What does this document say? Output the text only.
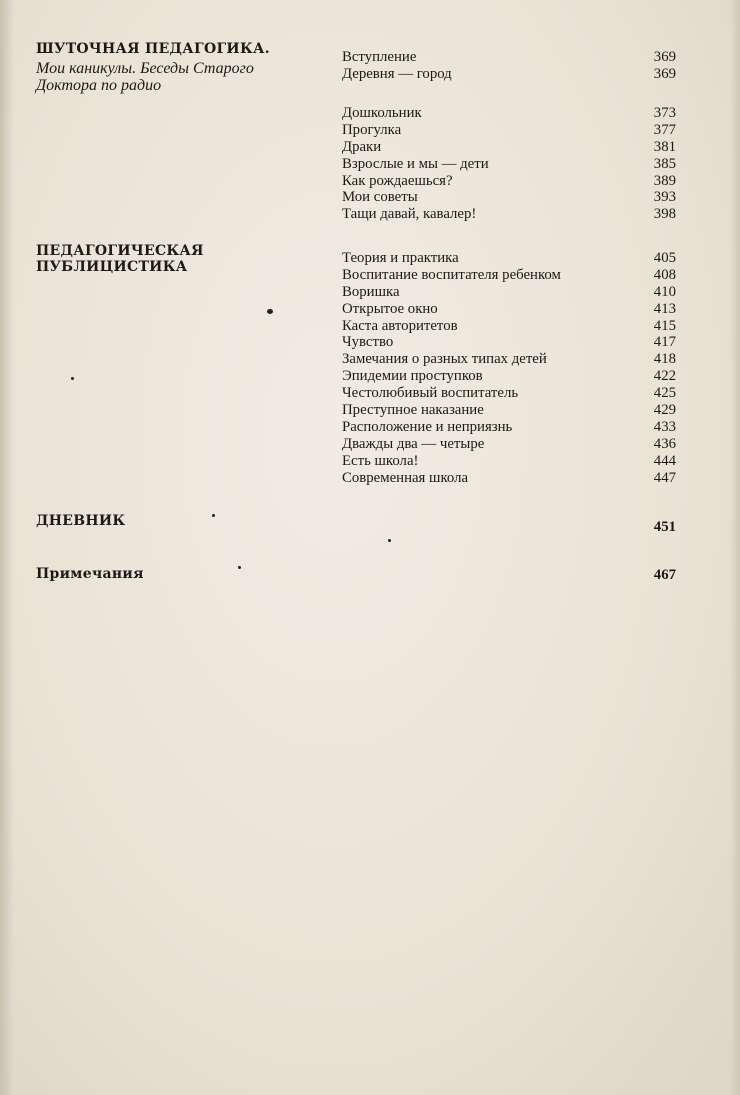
ШУТОЧНАЯ ПЕДАГОГИКА.
Мои каникулы. Беседы Старого
Доктора по радио
Вступление	369
Деревня — город	369
Дошкольник	373
Прогулка	377
Драки	381
Взрослые и мы — дети	385
Как рождаешься?	389
Мои советы	393
Тащи давай, кавалер!	398
ПЕДАГОГИЧЕСКАЯ
ПУБЛИЦИСТИКА
Теория и практика	405
Воспитание воспитателя ребенком	408
Воришка	410
Открытое окно	413
Каста авторитетов	415
Чувство	417
Замечания о разных типах детей	418
Эпидемии проступков	422
Честолюбивый воспитатель	425
Преступное наказание	429
Расположение и неприязнь	433
Дважды два — четыре	436
Есть школа!	444
Современная школа	447
ДНЕВНИК	451
Примечания	467
